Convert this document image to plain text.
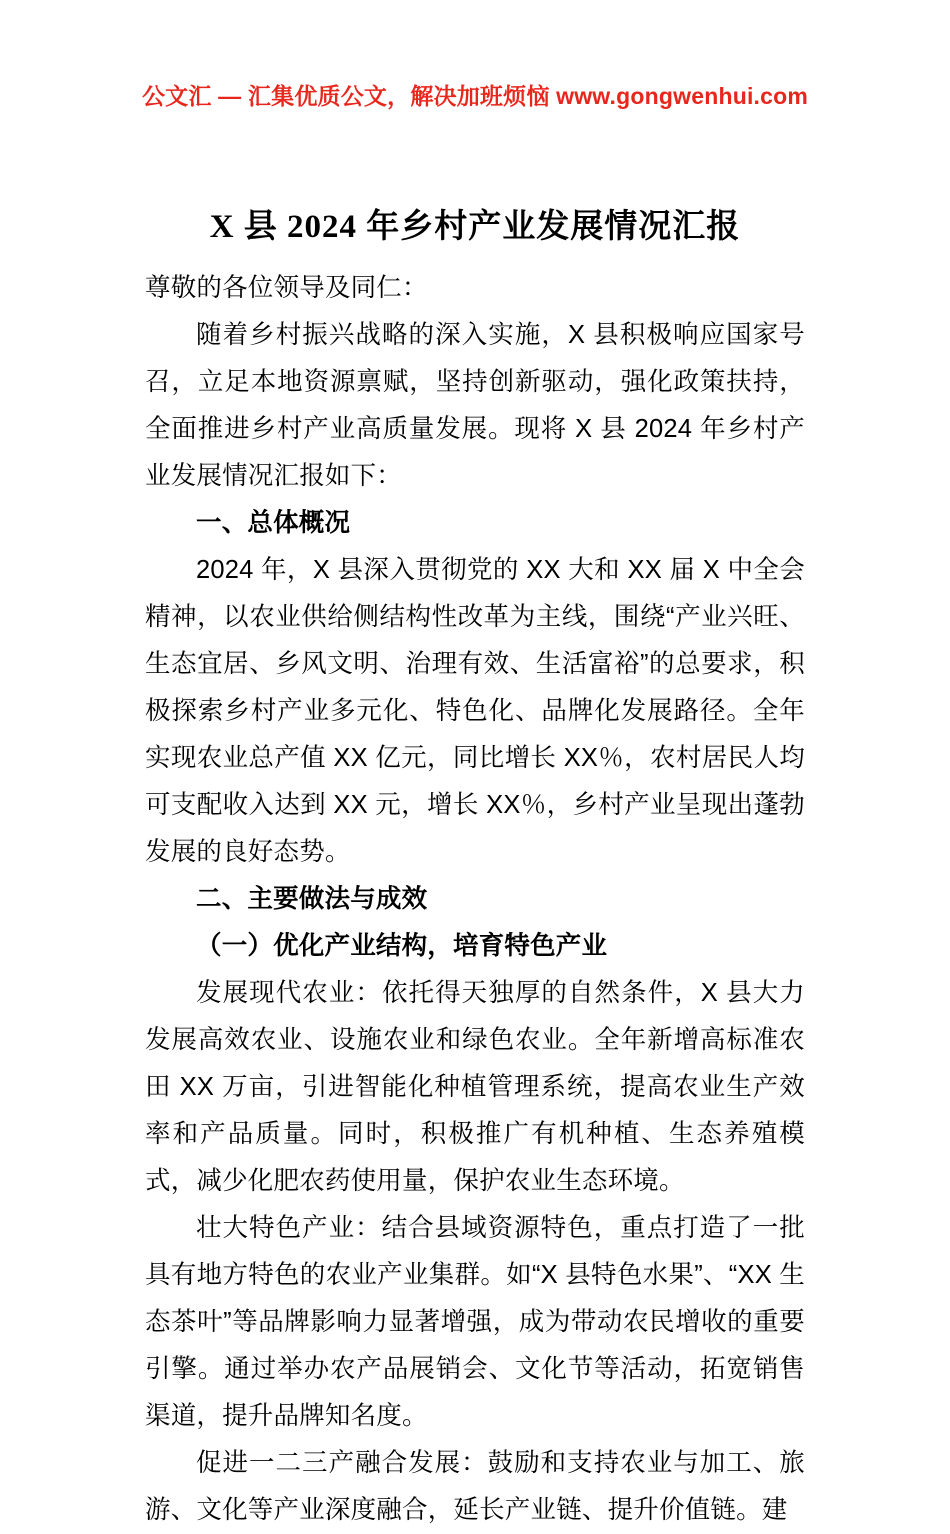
公文汇 — 汇集优质公文，解决加班烦恼 www.gongwenhui.com
X 县 2024 年乡村产业发展情况汇报

尊敬的各位领导及同仁：

随着乡村振兴战略的深入实施，X 县积极响应国家号召，立足本地资源禀赋，坚持创新驱动，强化政策扶持，全面推进乡村产业高质量发展。现将 X 县 2024 年乡村产业发展情况汇报如下：

一、总体概况

2024 年，X 县深入贯彻党的 XX 大和 XX 届 X 中全会精神，以农业供给侧结构性改革为主线，围绕“产业兴旺、生态宜居、乡风文明、治理有效、生活富裕”的总要求，积极探索乡村产业多元化、特色化、品牌化发展路径。全年实现农业总产值 XX 亿元，同比增长 XX％，农村居民人均可支配收入达到 XX 元，增长 XX％，乡村产业呈现出蓬勃发展的良好态势。

二、主要做法与成效

（一）优化产业结构，培育特色产业

发展现代农业：依托得天独厚的自然条件，X 县大力发展高效农业、设施农业和绿色农业。全年新增高标准农田 XX 万亩，引进智能化种植管理系统，提高农业生产效率和产品质量。同时，积极推广有机种植、生态养殖模式，减少化肥农药使用量，保护农业生态环境。

壮大特色产业：结合县域资源特色，重点打造了一批具有地方特色的农业产业集群。如“X 县特色水果”、“XX 生态茶叶”等品牌影响力显著增强，成为带动农民增收的重要引擎。通过举办农产品展销会、文化节等活动，拓宽销售渠道，提升品牌知名度。

促进一二三产融合发展：鼓励和支持农业与加工、旅游、文化等产业深度融合，延长产业链、提升价值链。建
